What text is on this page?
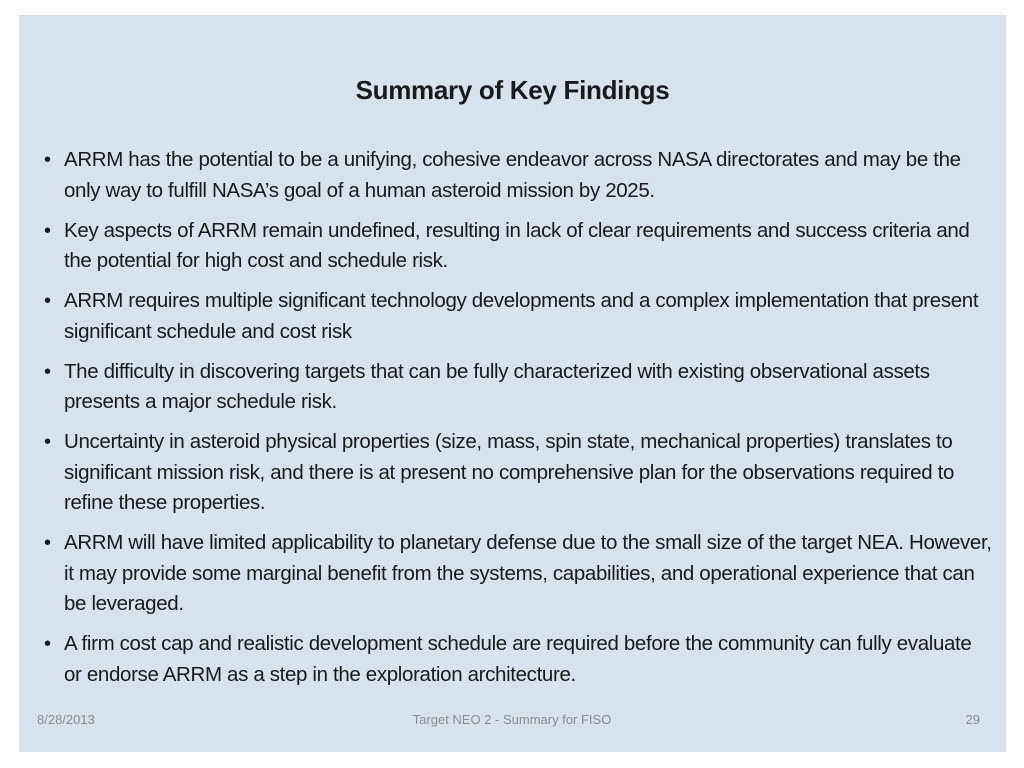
Summary of Key Findings
• ARRM has the potential to be a unifying, cohesive endeavor across NASA directorates and may be the only way to fulfill NASA’s goal of a human asteroid mission by 2025.
• Key aspects of ARRM remain undefined, resulting in lack of clear requirements and success criteria and the potential for high cost and schedule risk.
• ARRM requires multiple significant technology developments and a complex implementation that present significant schedule and cost risk
• The difficulty in discovering targets that can be fully characterized with existing observational assets presents a major schedule risk.
• Uncertainty in asteroid physical properties (size, mass, spin state, mechanical properties) translates to significant mission risk, and there is at present no comprehensive plan for the observations required to refine these properties.
• ARRM will have limited applicability to planetary defense due to the small size of the target NEA. However, it may provide some marginal benefit from the systems, capabilities, and operational experience that can be leveraged.
• A firm cost cap and realistic development schedule are required before the community can fully evaluate or endorse ARRM as a step in the exploration architecture.
8/28/2013	Target NEO 2 - Summary for FISO	29
